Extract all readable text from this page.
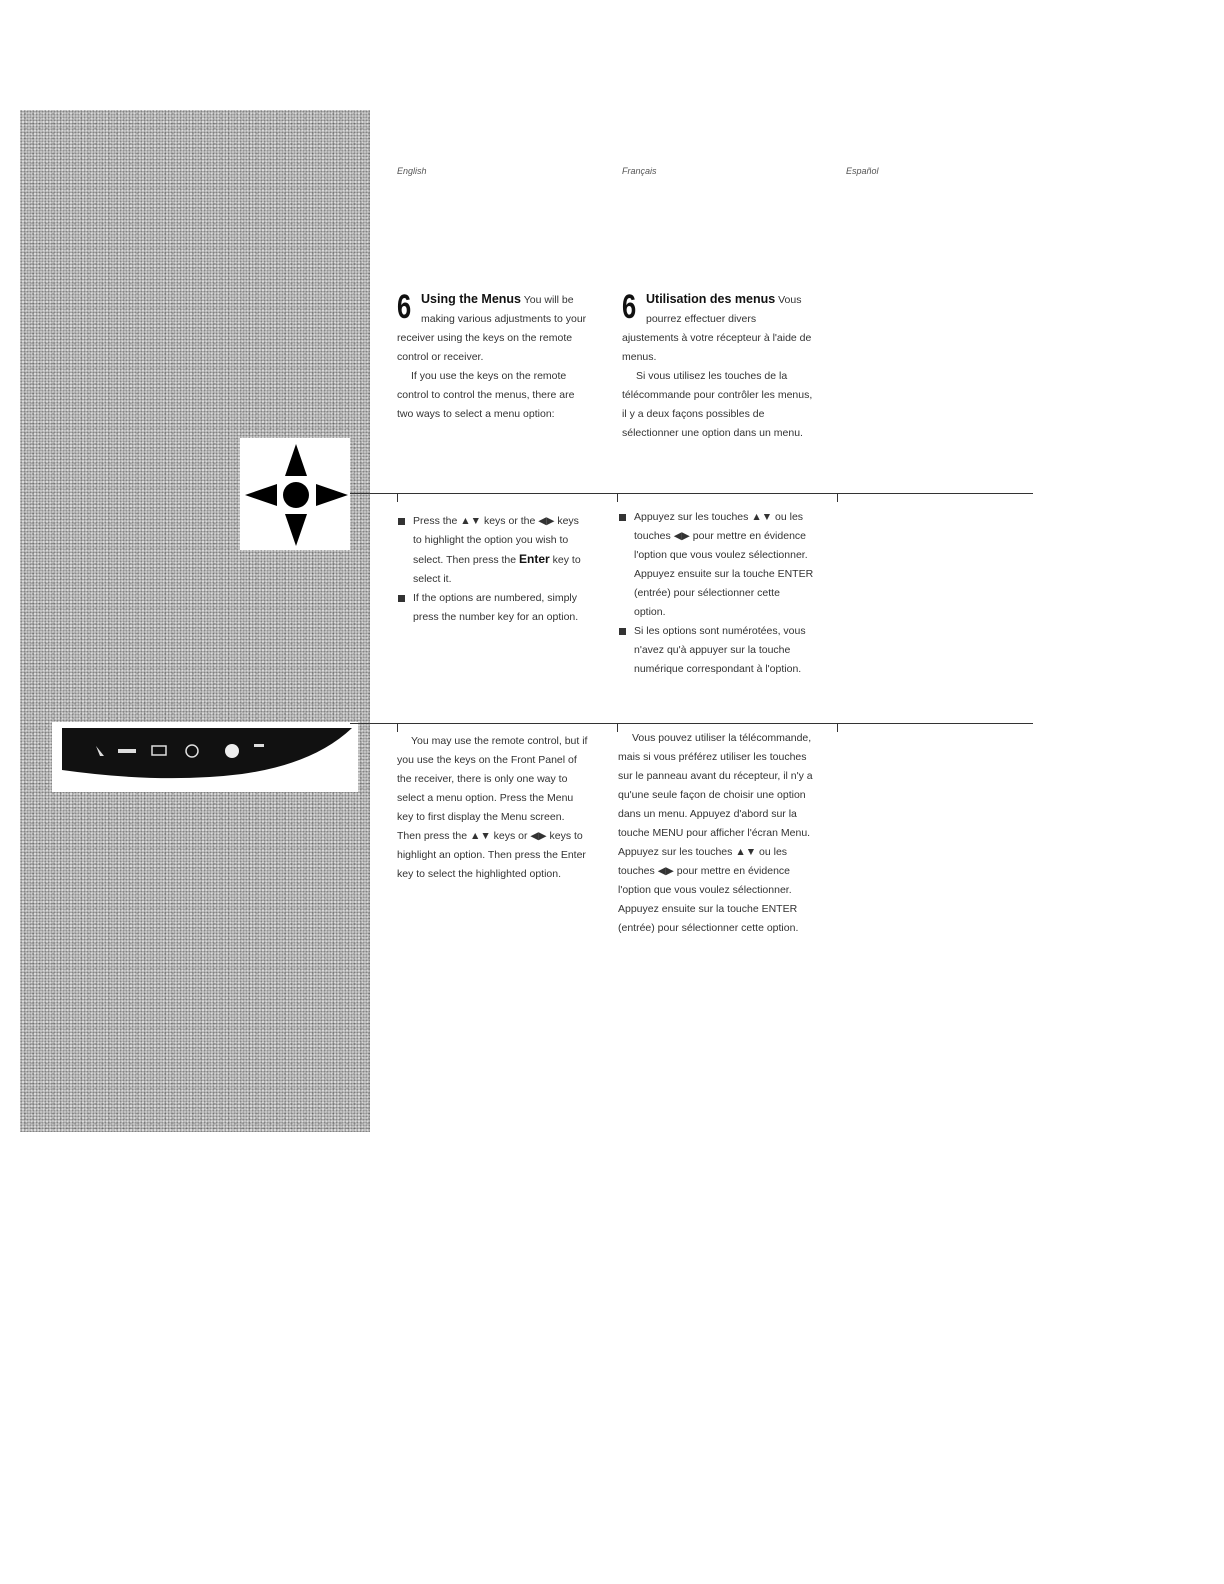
English	Français	Español
6 Using the Menus You will be making various adjustments to your receiver using the keys on the remote control or receiver.

If you use the keys on the remote control to control the menus, there are two ways to select a menu option:

6 Utilisation des menus Vous pourrez effectuer divers ajustements à votre récepteur à l'aide de menus.

Si vous utilisez les touches de la télécommande pour contrôler les menus, il y a deux façons possibles de sélectionner une option dans un menu.

Press the ▲▼ keys or the ◀▶ keys to highlight the option you wish to select. Then press the Enter key to select it.
If the options are numbered, simply press the number key for an option.
Appuyez sur les touches ▲▼ ou les touches ◀▶ pour mettre en évidence l'option que vous voulez sélectionner. Appuyez ensuite sur la touche ENTER (entrée) pour sélectionner cette option.
Si les options sont numérotées, vous n'avez qu'à appuyer sur la touche numérique correspondant à l'option.

You may use the remote control, but if you use the keys on the Front Panel of the receiver, there is only one way to select a menu option. Press the Menu key to first display the Menu screen. Then press the ▲▼ keys or ◀▶ keys to highlight an option. Then press the Enter key to select the highlighted option.

Vous pouvez utiliser la télécommande, mais si vous préférez utiliser les touches sur le panneau avant du récepteur, il n'y a qu'une seule façon de choisir une option dans un menu. Appuyez d'abord sur la touche MENU pour afficher l'écran Menu. Appuyez sur les touches ▲▼ ou les touches ◀▶ pour mettre en évidence l'option que vous voulez sélectionner. Appuyez ensuite sur la touche ENTER (entrée) pour sélectionner cette option.
